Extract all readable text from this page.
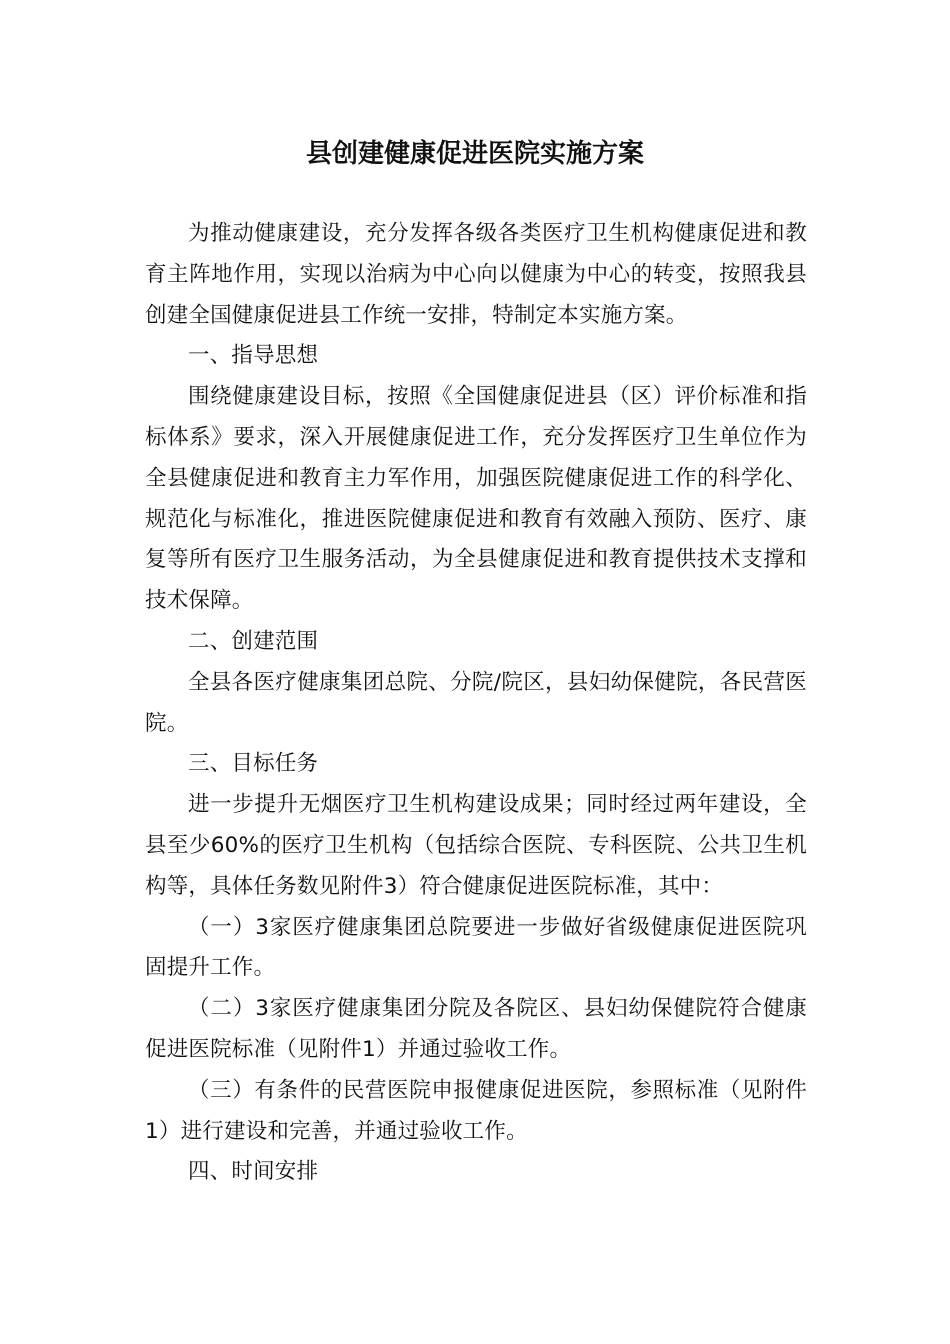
县创建健康促进医院实施方案

为推动健康建设，充分发挥各级各类医疗卫生机构健康促进和教育主阵地作用，实现以治病为中心向以健康为中心的转变，按照我县创建全国健康促进县工作统一安排，特制定本实施方案。

一、指导思想

围绕健康建设目标，按照《全国健康促进县（区）评价标准和指标体系》要求，深入开展健康促进工作，充分发挥医疗卫生单位作为全县健康促进和教育主力军作用，加强医院健康促进工作的科学化、规范化与标准化，推进医院健康促进和教育有效融入预防、医疗、康复等所有医疗卫生服务活动，为全县健康促进和教育提供技术支撑和技术保障。

二、创建范围

全县各医疗健康集团总院、分院/院区，县妇幼保健院，各民营医院。

三、目标任务

进一步提升无烟医疗卫生机构建设成果；同时经过两年建设，全县至少60%的医疗卫生机构（包括综合医院、专科医院、公共卫生机构等，具体任务数见附件3）符合健康促进医院标准，其中：

（一）3家医疗健康集团总院要进一步做好省级健康促进医院巩固提升工作。

（二）3家医疗健康集团分院及各院区、县妇幼保健院符合健康促进医院标准（见附件1）并通过验收工作。

（三）有条件的民营医院申报健康促进医院，参照标准（见附件1）进行建设和完善，并通过验收工作。

四、时间安排
